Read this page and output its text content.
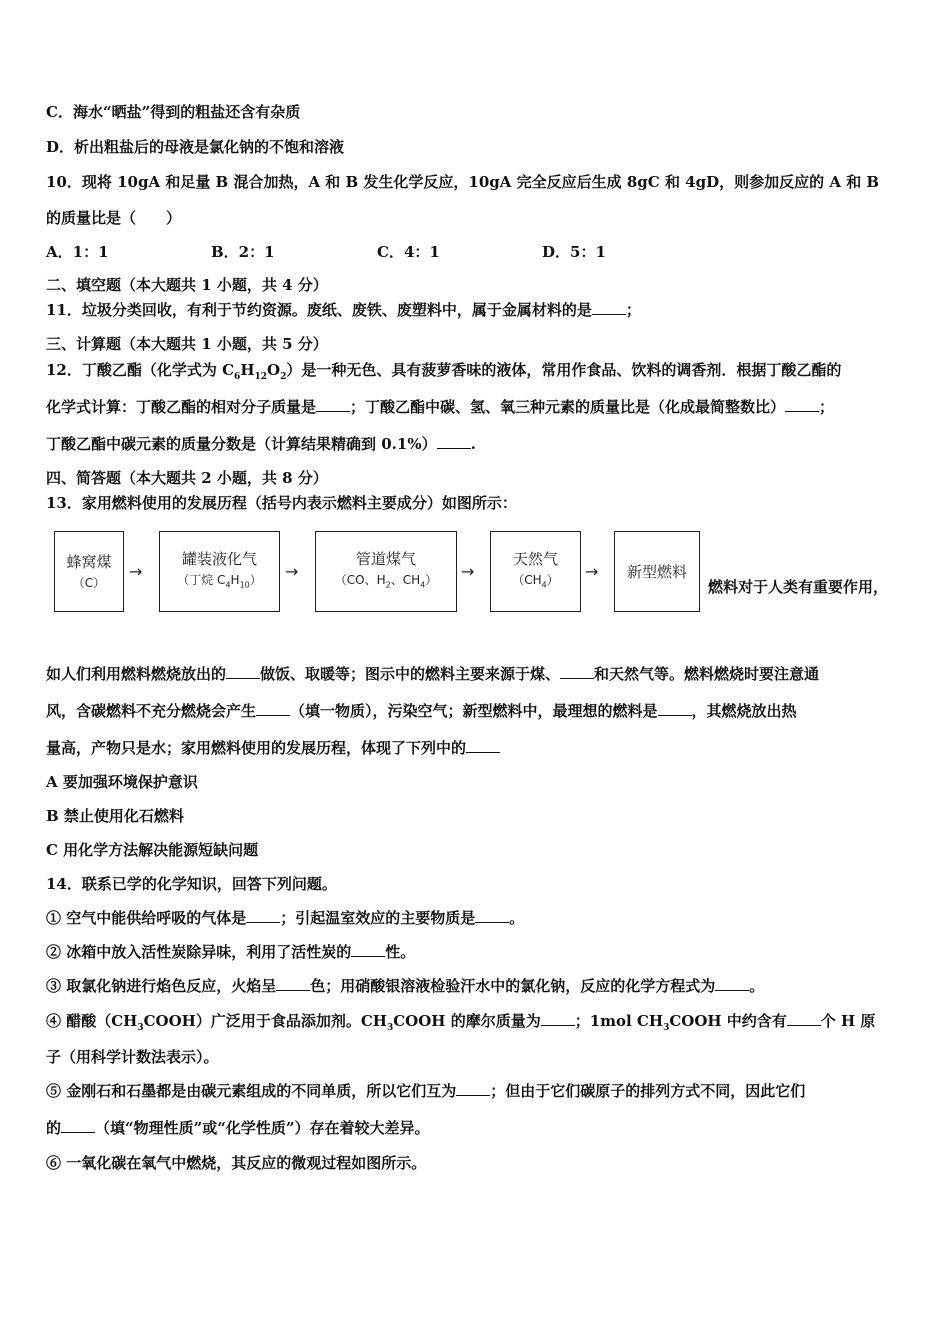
C．海水“晒盐”得到的粗盐还含有杂质
D．析出粗盐后的母液是氯化钠的不饱和溶液
10．现将 10gA 和足量 B 混合加热，A 和 B 发生化学反应，10gA 完全反应后生成 8gC 和 4gD，则参加反应的 A 和 B
的质量比是（　　）
A．1：1	B．2：1	C．4：1	D．5：1
二、填空题（本大题共 1 小题，共 4 分）
11．垃圾分类回收，有利于节约资源。废纸、废铁、废塑料中，属于金属材料的是 ；
三、计算题（本大题共 1 小题，共 5 分）
12．丁酸乙酯（化学式为 $C_6H_{12}O_2$）是一种无色、具有菠萝香味的液体，常用作食品、饮料的调香剂．根据丁酸乙酯的
化学式计算：丁酸乙酯的相对分子质量是 ；丁酸乙酯中碳、氢、氧三种元素的质量比是（化成最简整数比） ；
丁酸乙酯中碳元素的质量分数是（计算结果精确到 0.1%） .
四、简答题（本大题共 2 小题，共 8 分）
13．家用燃料使用的发展历程（括号内表示燃料主要成分）如图所示：
蜂窝煤
（C）
→
罐装液化气
（丁烷 $C_4H_{10}$） →
管道煤气
（CO、$H_2$、$CH_4$） →
天然气
$(CH_4)$ → 新型燃料
燃料对于人类有重要作用，
如人们利用燃料燃烧放出的 做饭、取暖等；图示中的燃料主要来源于煤、 和天然气等。燃料燃烧时要注意通
风，含碳燃料不充分燃烧会产生 （填一物质），污染空气；新型燃料中，最理想的燃料是 ，其燃烧放出热
量高，产物只是水；家用燃料使用的发展历程，体现了下列中的
A 要加强环境保护意识
B 禁止使用化石燃料
C 用化学方法解决能源短缺问题
14．联系已学的化学知识，回答下列问题。
① 空气中能供给呼吸的气体是 ；引起温室效应的主要物质是 。
② 冰箱中放入活性炭除异味，利用了活性炭的 性。
③ 取氯化钠进行焰色反应，火焰呈 色；用硝酸银溶液检验汗水中的氯化钠，反应的化学方程式为 。
④ 醋酸$(CH_3COOH)$广泛用于食品添加剂。$CH_3COOH$ 的摩尔质量为 ；1mol $CH_3COOH$ 中约含有 个 H 原
子（用科学计数法表示）。
⑤ 金刚石和石墨都是由碳元素组成的不同单质，所以它们互为 ；但由于它们碳原子的排列方式不同，因此它们
的 （填“物理性质”或“化学性质”）存在着较大差异。
⑥ 一氧化碳在氧气中燃烧，其反应的微观过程如图所示。
